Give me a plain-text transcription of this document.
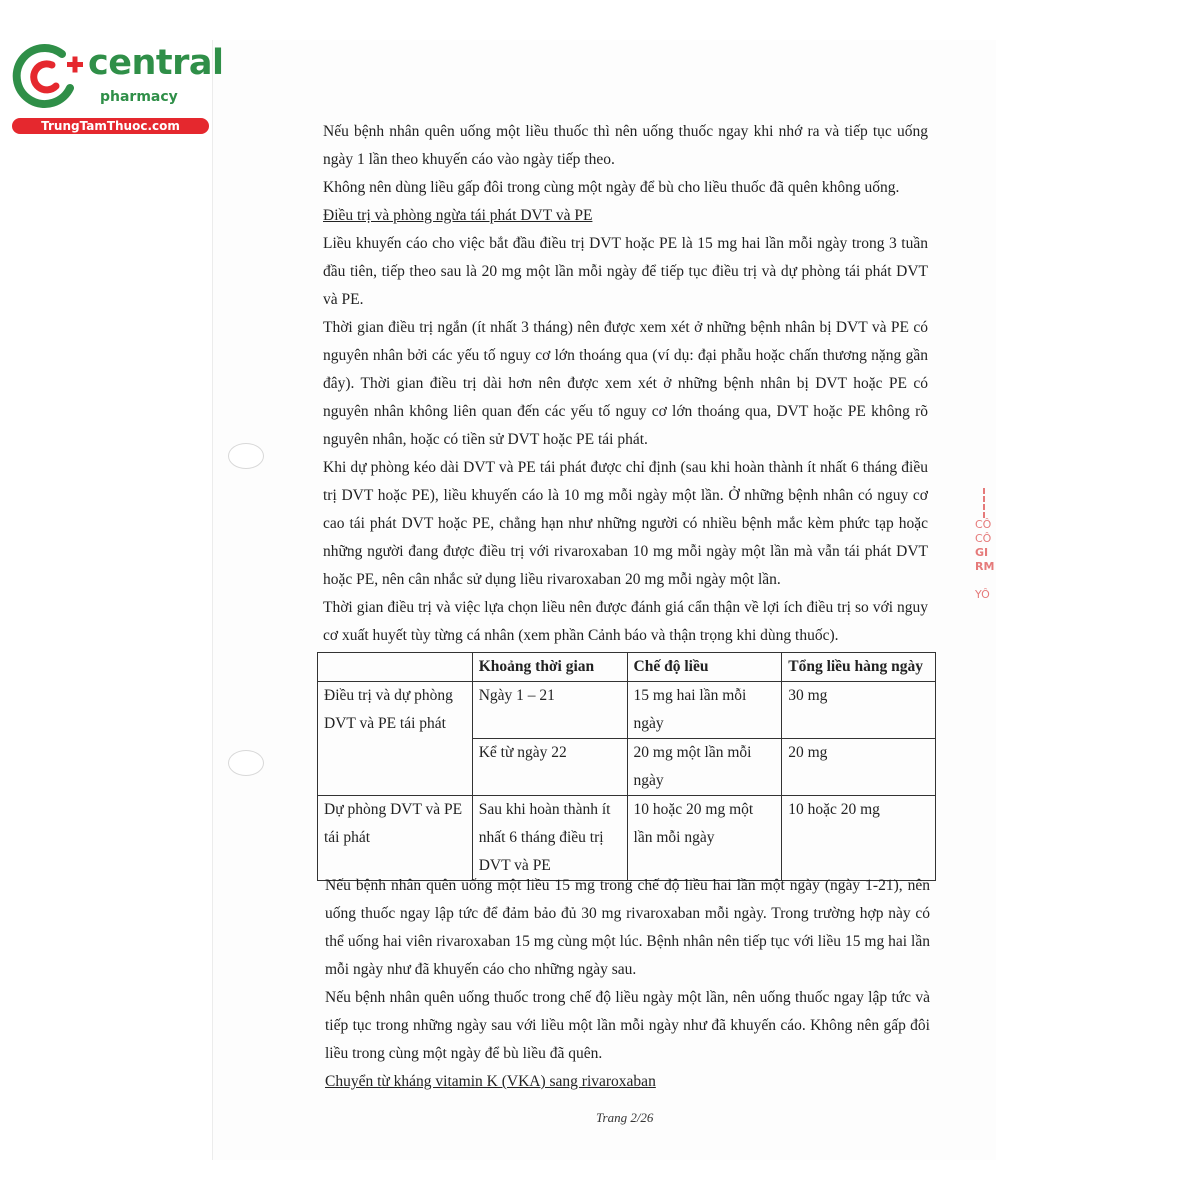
central
pharmacy
TrungTamThuoc.com	Nếu bệnh nhân quên uống một liều thuốc thì nên uống thuốc ngay khi nhớ ra và tiếp tục uống ngày 1 lần theo khuyến cáo vào ngày tiếp theo.

Không nên dùng liều gấp đôi trong cùng một ngày để bù cho liều thuốc đã quên không uống.

Điều trị và phòng ngừa tái phát DVT và PE

Liều khuyến cáo cho việc bắt đầu điều trị DVT hoặc PE là 15 mg hai lần mỗi ngày trong 3 tuần đầu tiên, tiếp theo sau là 20 mg một lần mỗi ngày để tiếp tục điều trị và dự phòng tái phát DVT và PE.

Thời gian điều trị ngắn (ít nhất 3 tháng) nên được xem xét ở những bệnh nhân bị DVT và PE có nguyên nhân bởi các yếu tố nguy cơ lớn thoáng qua (ví dụ: đại phẫu hoặc chấn thương nặng gần đây). Thời gian điều trị dài hơn nên được xem xét ở những bệnh nhân bị DVT hoặc PE có nguyên nhân không liên quan đến các yếu tố nguy cơ lớn thoáng qua, DVT hoặc PE không rõ nguyên nhân, hoặc có tiền sử DVT hoặc PE tái phát.

Khi dự phòng kéo dài DVT và PE tái phát được chỉ định (sau khi hoàn thành ít nhất 6 tháng điều trị DVT hoặc PE), liều khuyến cáo là 10 mg mỗi ngày một lần. Ở những bệnh nhân có nguy cơ cao tái phát DVT hoặc PE, chẳng hạn như những người có nhiều bệnh mắc kèm phức tạp hoặc những người đang được điều trị với rivaroxaban 10 mg mỗi ngày một lần mà vẫn tái phát DVT hoặc PE, nên cân nhắc sử dụng liều rivaroxaban 20 mg mỗi ngày một lần.

Thời gian điều trị và việc lựa chọn liều nên được đánh giá cẩn thận về lợi ích điều trị so với nguy cơ xuất huyết tùy từng cá nhân (xem phần Cảnh báo và thận trọng khi dùng thuốc).

	Khoảng thời gian	Chế độ liều	Tổng liều hàng ngày
Điều trị và dự phòng DVT và PE tái phát	Ngày 1 – 21	15 mg hai lần mỗi ngày	30 mg
	Kể từ ngày 22	20 mg một lần mỗi ngày	20 mg
Dự phòng DVT và PE tái phát	Sau khi hoàn thành ít nhất 6 tháng điều trị DVT và PE	10 hoặc 20 mg một lần mỗi ngày	10 hoặc 20 mg

Nếu bệnh nhân quên uống một liều 15 mg trong chế độ liều hai lần một ngày (ngày 1-21), nên uống thuốc ngay lập tức để đảm bảo đủ 30 mg rivaroxaban mỗi ngày. Trong trường hợp này có thể uống hai viên rivaroxaban 15 mg cùng một lúc. Bệnh nhân nên tiếp tục với liều 15 mg hai lần mỗi ngày như đã khuyến cáo cho những ngày sau.

Nếu bệnh nhân quên uống thuốc trong chế độ liều ngày một lần, nên uống thuốc ngay lập tức và tiếp tục trong những ngày sau với liều một lần mỗi ngày như đã khuyến cáo. Không nên gấp đôi liều trong cùng một ngày để bù liều đã quên.

Chuyển từ kháng vitamin K (VKA) sang rivaroxaban

Trang 2/26
CÔ
CÔ
GI
RM
YÔ
